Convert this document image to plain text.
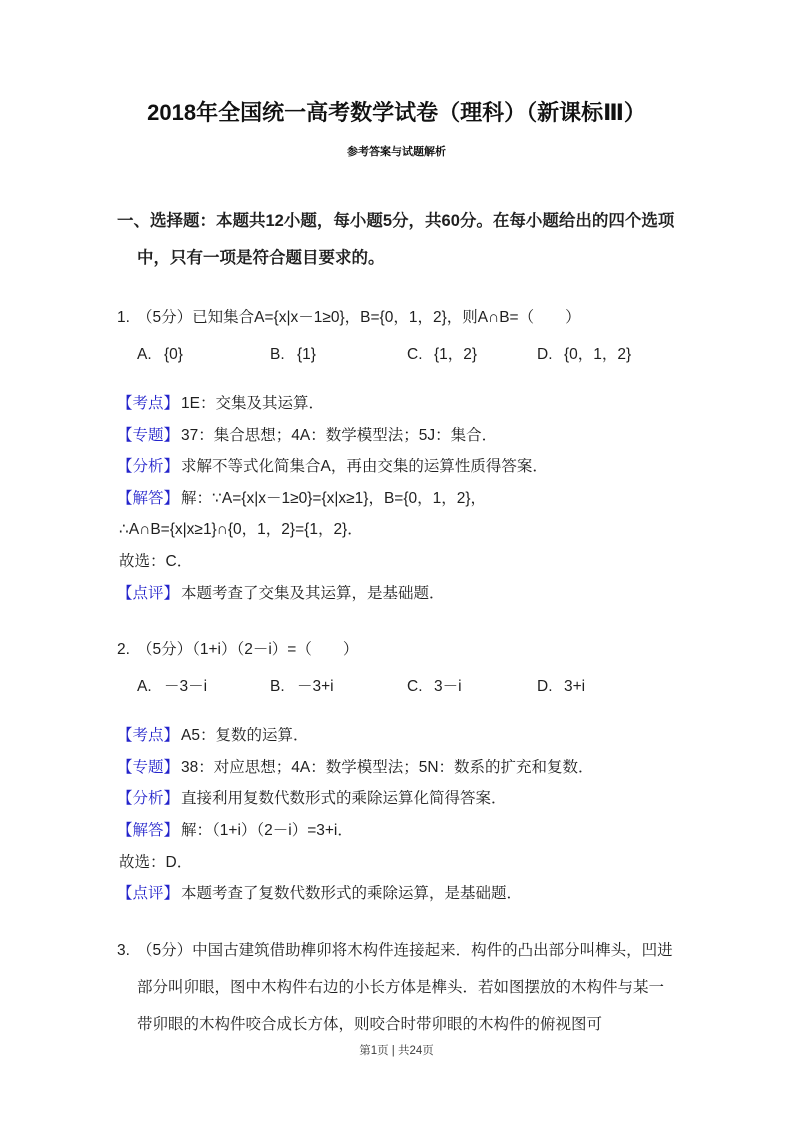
2018年全国统一高考数学试卷（理科）（新课标Ⅲ）
参考答案与试题解析
一、选择题：本题共12小题，每小题5分，共60分。在每小题给出的四个选项中，只有一项是符合题目要求的。
1. （5分）已知集合A={x|x－1≥0}，B={0，1，2}，则A∩B=（　　）
A. {0}	B. {1}	C. {1，2}	D. {0，1，2}
【考点】 1E：交集及其运算．
【专题】 37：集合思想；4A：数学模型法；5J：集合．
【分析】 求解不等式化简集合A，再由交集的运算性质得答案．
【解答】 解：∵A={x|x－1≥0}={x|x≥1}，B={0，1，2}，
∴A∩B={x|x≥1}∩{0，1，2}={1，2}．
故选：C．
【点评】 本题考查了交集及其运算，是基础题．
2. （5分）（1+i）（2－i）=（　　）
A. －3－i	B. －3+i	C. 3－i	D. 3+i
【考点】 A5：复数的运算．
【专题】 38：对应思想；4A：数学模型法；5N：数系的扩充和复数．
【分析】 直接利用复数代数形式的乘除运算化简得答案．
【解答】 解：（1+i）（2－i）=3+i．
故选：D．
【点评】 本题考查了复数代数形式的乘除运算，是基础题．
3. （5分）中国古建筑借助榫卯将木构件连接起来．构件的凸出部分叫榫头，凹进部分叫卯眼，图中木构件右边的小长方体是榫头．若如图摆放的木构件与某一带卯眼的木构件咬合成长方体，则咬合时带卯眼的木构件的俯视图可
第1页 | 共24页
